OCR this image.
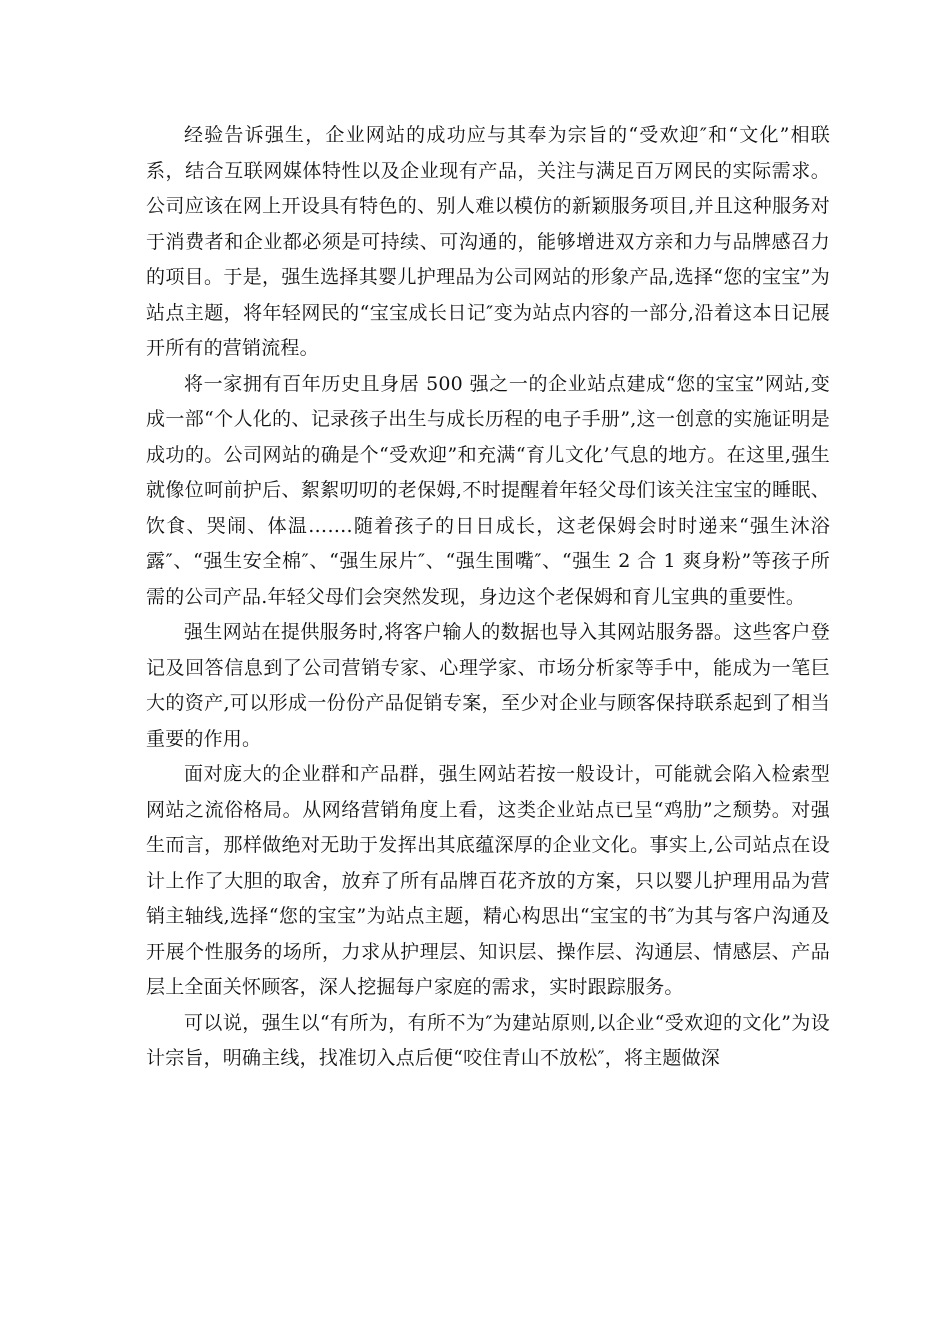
经验告诉强生，企业网站的成功应与其奉为宗旨的“受欢迎″和“文化”相联系，结合互联网媒体特性以及企业现有产品，关注与满足百万网民的实际需求。公司应该在网上开设具有特色的、别人难以模仿的新颖服务项目,并且这种服务对于消费者和企业都必须是可持续、可沟通的，能够增进双方亲和力与品牌感召力的项目。于是，强生选择其婴儿护理品为公司网站的形象产品,选择“您的宝宝”为站点主题，将年轻网民的“宝宝成长日记″变为站点内容的一部分,沿着这本日记展开所有的营销流程。

将一家拥有百年历史且身居 500 强之一的企业站点建成“您的宝宝”网站,变成一部“个人化的、记录孩子出生与成长历程的电子手册”,这一创意的实施证明是成功的。公司网站的确是个“受欢迎”和充满“育儿文化’气息的地方。在这里,强生就像位呵前护后、絮絮叨叨的老保姆,不时提醒着年轻父母们该关注宝宝的睡眠、饮食、哭闹、体温…….随着孩子的日日成长，这老保姆会时时递来“强生沐浴露″、“强生安全棉″、“强生尿片″、“强生围嘴″、“强生 2 合 1 爽身粉”等孩子所需的公司产品.年轻父母们会突然发现，身边这个老保姆和育儿宝典的重要性。

强生网站在提供服务时,将客户输人的数据也导入其网站服务器。这些客户登记及回答信息到了公司营销专家、心理学家、市场分析家等手中，能成为一笔巨大的资产,可以形成一份份产品促销专案，至少对企业与顾客保持联系起到了相当重要的作用。

面对庞大的企业群和产品群，强生网站若按一般设计，可能就会陷入检索型网站之流俗格局。从网络营销角度上看，这类企业站点已呈“鸡肋”之颓势。对强生而言，那样做绝对无助于发挥出其底蕴深厚的企业文化。事实上,公司站点在设计上作了大胆的取舍，放弃了所有品牌百花齐放的方案，只以婴儿护理用品为营销主轴线,选择“您的宝宝”为站点主题，精心构思出“宝宝的书″为其与客户沟通及开展个性服务的场所，力求从护理层、知识层、操作层、沟通层、情感层、产品层上全面关怀顾客，深人挖掘每户家庭的需求，实时跟踪服务。

可以说，强生以“有所为，有所不为″为建站原则,以企业“受欢迎的文化”为设计宗旨，明确主线，找准切入点后便“咬住青山不放松″，将主题做深
